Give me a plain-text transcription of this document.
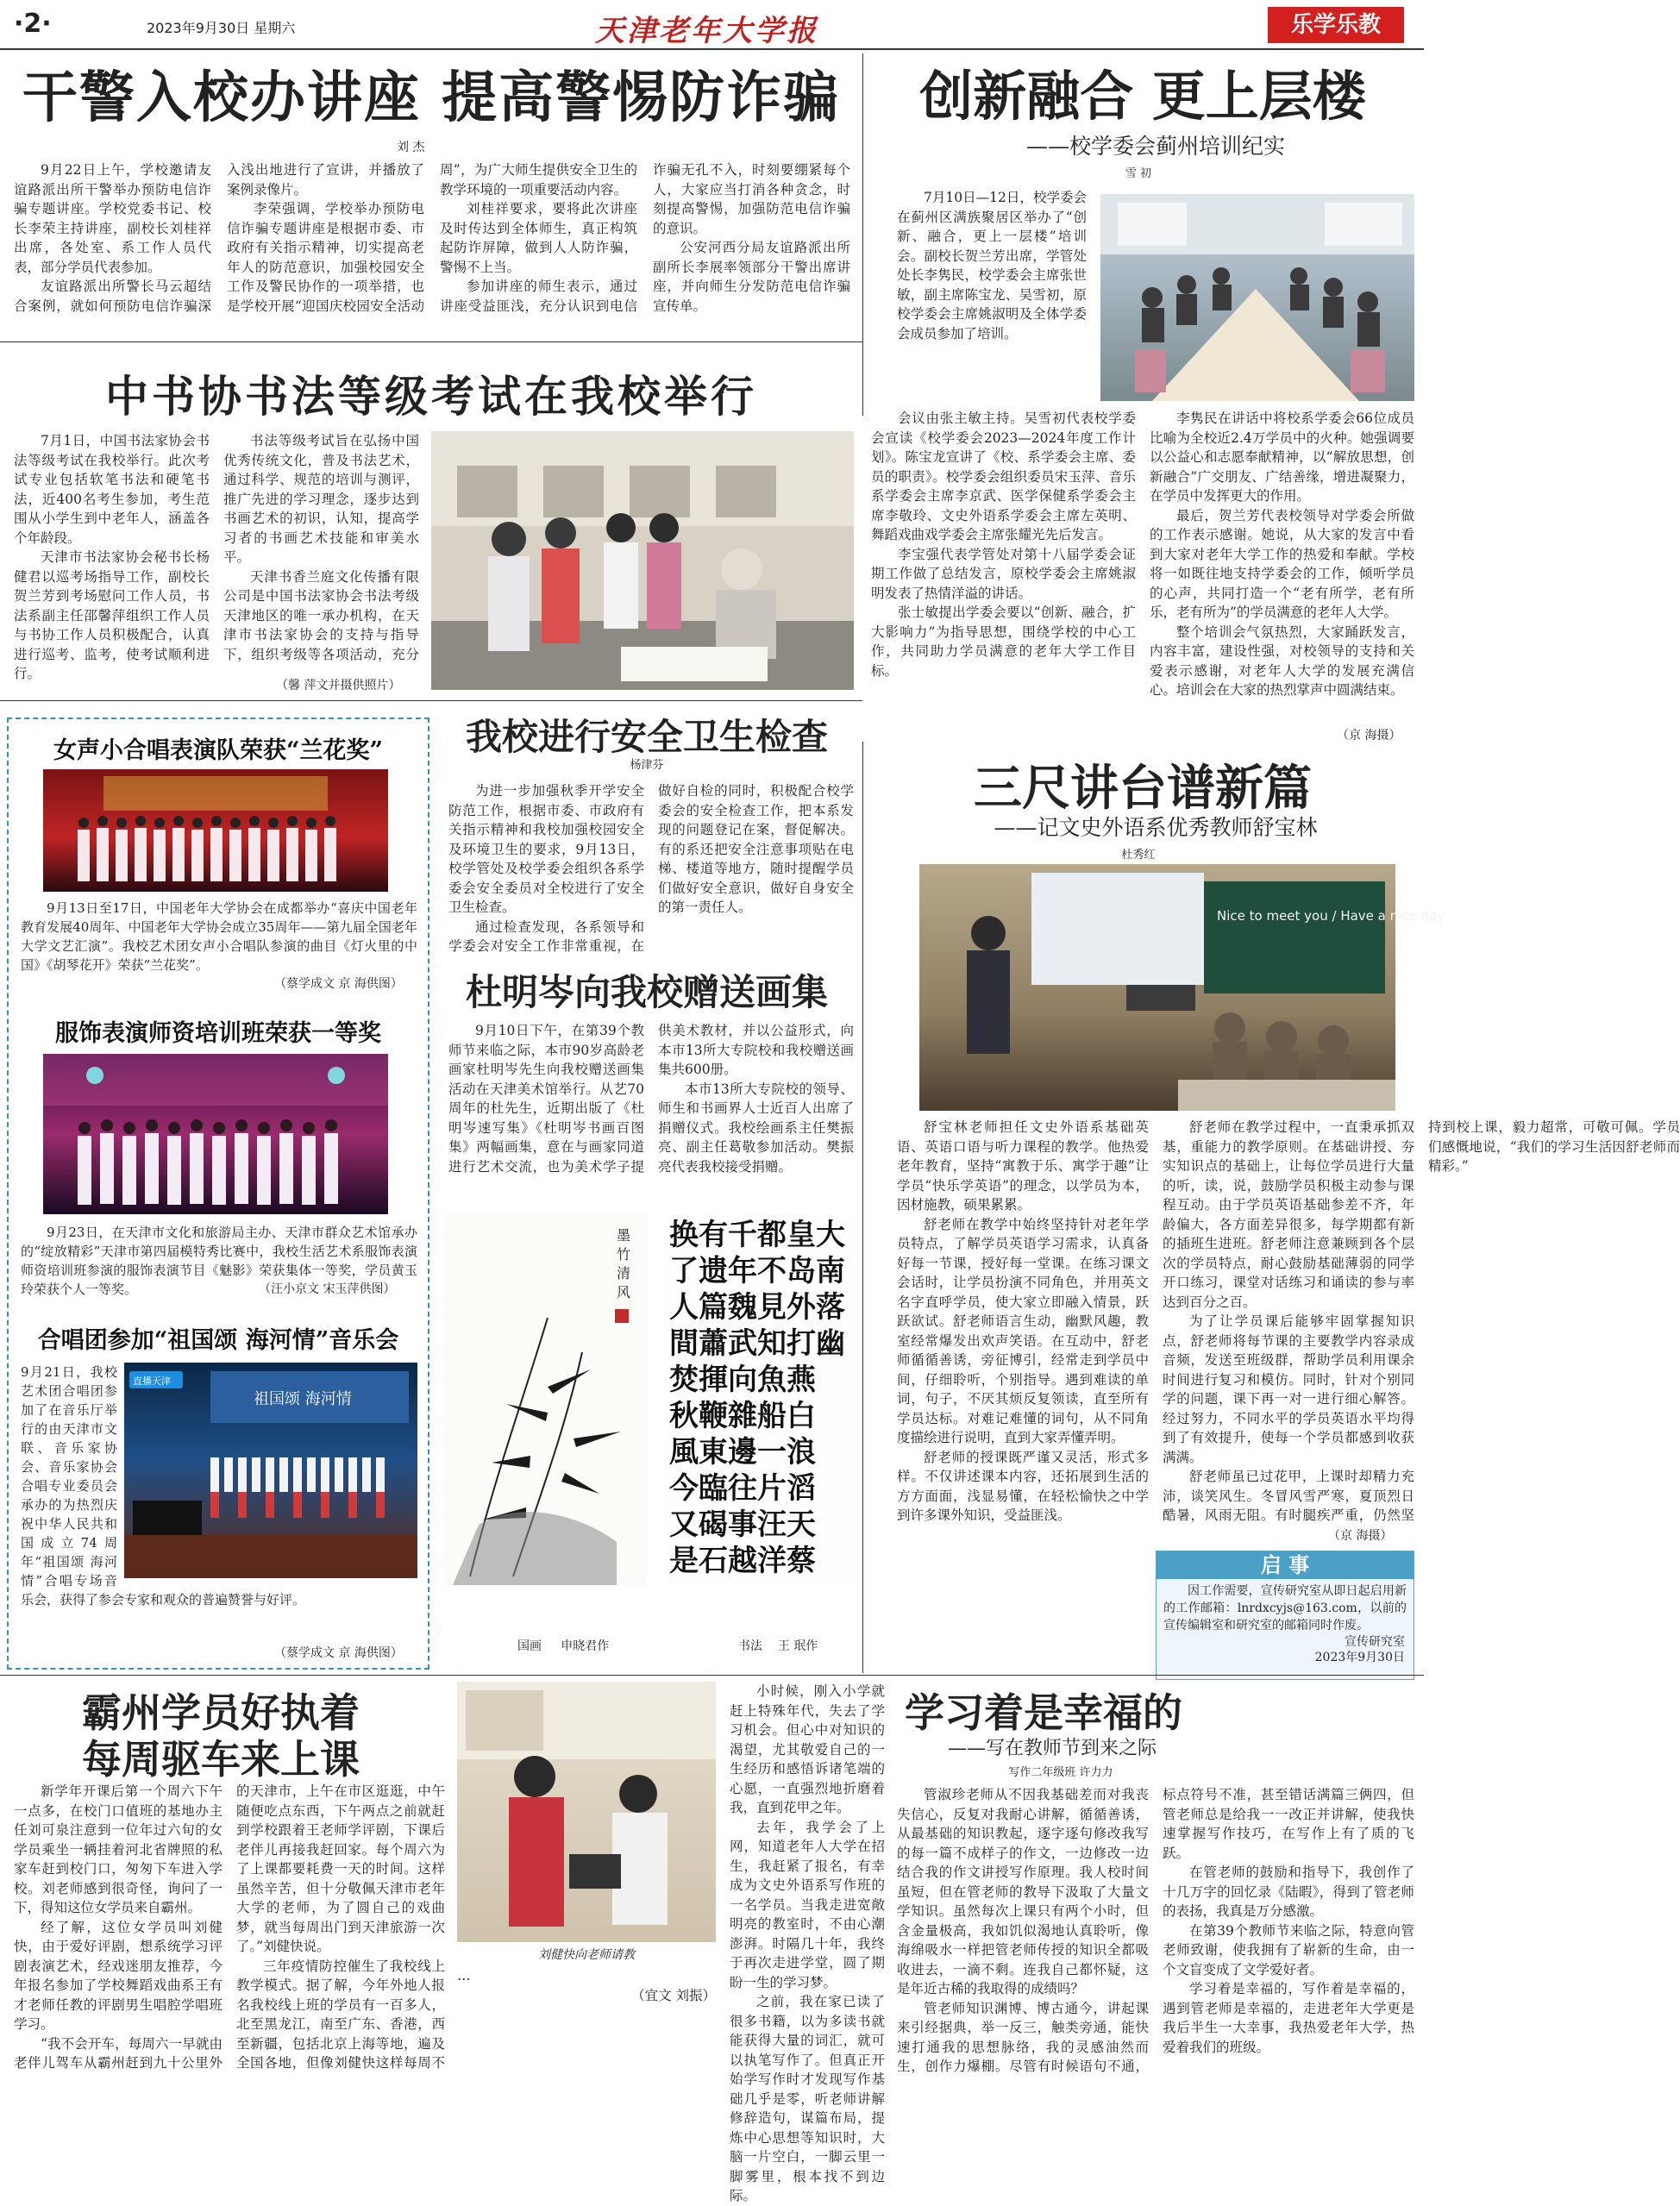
·2·	2023年9月30日 星期六	天津老年大学报	乐学乐教
干警入校办讲座 提高警惕防诈骗
刘 杰
9月22日上午，学校邀请友谊路派出所干警举办预防电信诈骗专题讲座。学校党委书记、校长李荣主持讲座，副校长刘桂祥出席，各处室、系工作人员代表，部分学员代表参加。
友谊路派出所警长马云超结合案例，就如何预防电信诈骗深入浅出地进行了宣讲，并播放了案例录像片。
李荣强调，学校举办预防电信诈骗专题讲座是根据市委、市政府有关指示精神，切实提高老年人的防范意识，加强校园安全工作及警民协作的一项举措，也是学校开展“迎国庆校园安全活动周”，为广大师生提供安全卫生的教学环境的一项重要活动内容。
刘桂祥要求，要将此次讲座及时传达到全体师生，真正构筑起防诈屏障，做到人人防诈骗，警惕不上当。
参加讲座的师生表示，通过讲座受益匪浅，充分认识到电信诈骗无孔不入，时刻要绷紧每个人，大家应当打消各种贪念，时刻提高警惕，加强防范电信诈骗的意识。
公安河西分局友谊路派出所副所长李展率领部分干警出席讲座，并向师生分发防范电信诈骗宣传单。
创新融合 更上层楼
——校学委会蓟州培训纪实
雪 初
7月10日—12日，校学委会在蓟州区满族聚居区举办了“创新、融合，更上一层楼”培训会。副校长贺兰芳出席，学管处处长李隽民，校学委会主席张世敏，副主席陈宝龙、吴雪初，原校学委会主席姚淑明及全体学委会成员参加了培训。
会议由张主敏主持。吴雪初代表校学委会宣读《校学委会2023—2024年度工作计划》。陈宝龙宣讲了《校、系学委会主席、委员的职责》。校学委会组织委员宋玉萍、音乐系学委会主席李京武、医学保健系学委会主席李敬玲、文史外语系学委会主席左英明、舞蹈戏曲戏学委会主席张耀光先后发言。
李宝强代表学管处对第十八届学委会证期工作做了总结发言，原校学委会主席姚淑明发表了热情洋溢的讲话。
张士敏提出学委会要以“创新、融合，扩大影响力”为指导思想，围绕学校的中心工作，共同助力学员满意的老年大学工作目标。
李隽民在讲话中将校系学委会66位成员比喻为全校近2.4万学员中的火种。她强调要以公益心和志愿奉献精神，以“解放思想，创新融合”广交朋友、广结善缘，增进凝聚力，在学员中发挥更大的作用。
最后，贺兰芳代表校领导对学委会所做的工作表示感谢。她说，从大家的发言中看到大家对老年大学工作的热爱和奉献。学校将一如既往地支持学委会的工作，倾听学员的心声，共同打造一个“老有所学，老有所乐，老有所为”的学员满意的老年人大学。
整个培训会气氛热烈，大家踊跃发言，内容丰富，建设性强，对校领导的支持和关爱表示感谢，对老年人大学的发展充满信心。培训会在大家的热烈掌声中圆满结束。
（京 海摄）
中书协书法等级考试在我校举行
7月1日，中国书法家协会书法等级考试在我校举行。此次考试专业包括软笔书法和硬笔书法，近400名考生参加，考生范围从小学生到中老年人，涵盖各个年龄段。
天津市书法家协会秘书长杨健君以巡考场指导工作，副校长贺兰芳到考场慰问工作人员，书法系副主任邵馨萍组织工作人员与书协工作人员积极配合，认真进行巡考、监考，使考试顺利进行。
书法等级考试旨在弘扬中国优秀传统文化，普及书法艺术，通过科学、规范的培训与测评，推广先进的学习理念，逐步达到书画艺术的初识，认知，提高学习者的书画艺术技能和审美水平。
天津书香兰庭文化传播有限公司是中国书法家协会书法考级天津地区的唯一承办机构，在天津市书法家协会的支持与指导下，组织考级等各项活动，充分
（馨 萍文并摄供照片）
女声小合唱表演队荣获“兰花奖”
9月13日至17日，中国老年大学协会在成都举办“喜庆中国老年教育发展40周年、中国老年大学协会成立35周年——第九届全国老年大学文艺汇演”。我校艺术团女声小合唱队参演的曲目《灯火里的中国》《胡琴花开》荣获“兰花奖”。
（蔡学成文 京 海供图）
服饰表演师资培训班荣获一等奖
9月23日，在天津市文化和旅游局主办、天津市群众艺术馆承办的“绽放精彩”天津市第四届模特秀比赛中，我校生活艺术系服饰表演师资培训班参演的服饰表演节目《魅影》荣获集体一等奖，学员黄玉玲荣获个人一等奖。	（汪小京文 宋玉萍供图）
合唱团参加“祖国颂 海河情”音乐会
祖国颂 海河情
直播天津
9月21日，我校艺术团合唱团参加了在音乐厅举行的由天津市文联、音乐家协会、音乐家协会合唱专业委员会承办的为热烈庆祝中华人民共和国成立74周年“祖国颂 海河情”合唱专场音乐会，获得了参会专家和观众的普遍赞誉与好评。
（蔡学成文 京 海供图）
我校进行安全卫生检查
杨津芬
为进一步加强秋季开学安全防范工作，根据市委、市政府有关指示精神和我校加强校园安全及环境卫生的要求，9月13日，校学管处及校学委会组织各系学委会安全委员对全校进行了安全卫生检查。
通过检查发现，各系领导和学委会对安全工作非常重视，在做好自检的同时，积极配合校学委会的安全检查工作，把本系发现的问题登记在案，督促解决。有的系还把安全注意事项贴在电梯、楼道等地方，随时提醒学员们做好安全意识，做好自身安全的第一责任人。
杜明岑向我校赠送画集
9月10日下午，在第39个教师节来临之际，本市90岁高龄老画家杜明岑先生向我校赠送画集活动在天津美术馆举行。从艺70周年的杜先生，近期出版了《杜明岑速写集》《杜明岑书画百图集》两幅画集，意在与画家同道进行艺术交流，也为美术学子提供美术教材，并以公益形式，向本市13所大专院校和我校赠送画集共600册。
本市13所大专院校的领导、师生和书画界人士近百人出席了捐赠仪式。我校绘画系主任樊振亮、副主任葛敬参加活动。樊振亮代表我校接受捐赠。
墨
竹
清
风
换有千都皇大
了遗年不岛南
人篇魏見外落
間蕭武知打幽
焚揮向魚燕
秋鞭雜船白
風東邊一浪
今臨往片滔
又碣事汪天
是石越洋蔡
国画 申晓君作	书法 王 珉作
三尺讲台谱新篇
——记文史外语系优秀教师舒宝林
杜秀红
Nice to meet you / Have a nice day
舒宝林老师担任文史外语系基础英语、英语口语与听力课程的教学。他热爱老年教育，坚持“寓教于乐、寓学于趣”让学员“快乐学英语”的理念，以学员为本，因材施教，硕果累累。
舒老师在教学中始终坚持针对老年学员特点，了解学员英语学习需求，认真备好每一节课，授好每一堂课。在练习课文会话时，让学员扮演不同角色，并用英文名字直呼学员，使大家立即融入情景，跃跃欲试。舒老师语言生动，幽默风趣，教室经常爆发出欢声笑语。在互动中，舒老师循循善诱，旁征博引，经常走到学员中间，仔细聆听，个别指导。遇到难读的单词，句子，不厌其烦反复领读，直至所有学员达标。对难记难懂的词句，从不同角度描绘进行说明，直到大家弄懂弄明。
舒老师的授课既严谨又灵活，形式多样。不仅讲述课本内容，还拓展到生活的方方面面，浅显易懂，在轻松愉快之中学到许多课外知识，受益匪浅。
舒老师在教学过程中，一直秉承抓双基，重能力的教学原则。在基础讲授、夯实知识点的基础上，让每位学员进行大量的听，读，说，鼓励学员积极主动参与课程互动。由于学员英语基础参差不齐，年龄偏大，各方面差异很多，每学期都有新的插班生进班。舒老师注意兼顾到各个层次的学员特点，耐心鼓励基础薄弱的同学开口练习，课堂对话练习和诵读的参与率达到百分之百。
为了让学员课后能够牢固掌握知识点，舒老师将每节课的主要教学内容录成音频，发送至班级群，帮助学员利用课余时间进行复习和模仿。同时，针对个别同学的问题，课下再一对一进行细心解答。经过努力，不同水平的学员英语水平均得到了有效提升，使每一个学员都感到收获满满。
舒老师虽已过花甲，上课时却精力充沛，谈笑风生。冬冒风雪严寒，夏顶烈日酷暑，风雨无阻。有时腿疾严重，仍然坚持到校上课，毅力超常，可敬可佩。学员们感慨地说，“我们的学习生活因舒老师而精彩。”
（京 海摄）
启 事
因工作需要，宣传研究室从即日起启用新的工作邮箱：lnrdxcyjs@163.com，以前的宣传编辑室和研究室的邮箱同时作废。
宣传研究室
2023年9月30日
霸州学员好执着
每周驱车来上课
新学年开课后第一个周六下午一点多，在校门口值班的基地办主任刘可泉注意到一位年过六旬的女学员乘坐一辆挂着河北省牌照的私家车赶到校门口，匆匆下车进入学校。刘老师感到很奇怪，询问了一下，得知这位女学员来自霸州。
经了解，这位女学员叫刘健快，由于爱好评剧，想系统学习评剧表演艺术，经戏迷朋友推荐，今年报名参加了学校舞蹈戏曲系王有才老师任教的评剧男生唱腔学唱班学习。
“我不会开车，每周六一早就由老伴儿驾车从霸州赶到九十公里外的天津市，上午在市区逛逛，中午随便吃点东西，下午两点之前就赶到学校跟着王老师学评剧，下课后老伴儿再接我赶回家。每个周六为了上课都要耗费一天的时间。这样虽然辛苦，但十分敬佩天津市老年大学的老师，为了圆自己的戏曲梦，就当每周出门到天津旅游一次了。”刘健快说。
三年疫情防控催生了我校线上教学模式。据了解，今年外地人报名我校线上班的学员有一百多人，北至黑龙江，南至广东、香港，西至新疆，包括北京上海等地，遍及全国各地，但像刘健快这样每周不
刘健快向老师请教
…
（宜文 刘振）
小时候，刚入小学就赶上特殊年代，失去了学习机会。但心中对知识的渴望，尤其敬爱自己的一生经历和感悟诉诸笔端的心愿，一直强烈地折磨着我，直到花甲之年。
去年，我学会了上网，知道老年人大学在招生，我赶紧了报名，有幸成为文史外语系写作班的一名学员。当我走进宽敞明亮的教室时，不由心潮澎湃。时隔几十年，我终于再次走进学堂，圆了期盼一生的学习梦。
之前，我在家已读了很多书籍，以为多读书就能获得大量的词汇，就可以执笔写作了。但真正开始学写作时才发现写作基础几乎是零，听老师讲解修辞造句，谋篇布局，提炼中心思想等知识时，大脑一片空白，一脚云里一脚雾里，根本找不到边际。
学习着是幸福的
——写在教师节到来之际
写作二年级班 许力力
管淑珍老师从不因我基础差而对我丧失信心，反复对我耐心讲解，循循善诱，从最基础的知识教起，逐字逐句修改我写的每一篇不成样子的作文，一边修改一边结合我的作文讲授写作原理。我人校时间虽短，但在管老师的教导下汲取了大量文学知识。虽然每次上课只有两个小时，但含金量极高，我如饥似渴地认真聆听，像海绵吸水一样把管老师传授的知识全都吸收进去，一滴不剩。连我自己都怀疑，这是年近古稀的我取得的成绩吗？
管老师知识渊博、博古通今，讲起课来引经据典，举一反三，触类旁通，能快速打通我的思想脉络，我的灵感油然而生，创作力爆棚。尽管有时候语句不通，标点符号不准，甚至错话满篇三俩四，但管老师总是给我一一改正并讲解，使我快速掌握写作技巧，在写作上有了质的飞跃。
在管老师的鼓励和指导下，我创作了十几万字的回忆录《陆暇》，得到了管老师的表扬，我真是万分感激。
在第39个教师节来临之际，特意向管老师致谢，使我拥有了崭新的生命，由一个文盲变成了文学爱好者。
学习着是幸福的，写作着是幸福的，遇到管老师是幸福的，走进老年大学更是我后半生一大幸事，我热爱老年大学，热爱着我们的班级。
